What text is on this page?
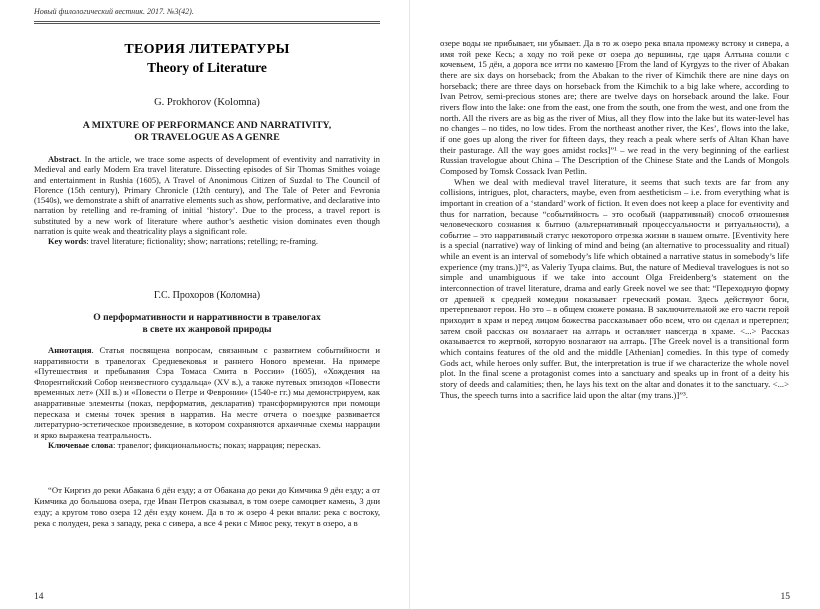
Новый филологический вестник. 2017. №3(42).
ТЕОРИЯ ЛИТЕРАТУРЫ
Theory of Literature
G. Prokhorov (Kolomna)
A MIXTURE OF PERFORMANCE AND NARRATIVITY,
OR TRAVELOGUE AS A GENRE

Abstract. In the article, we trace some aspects of development of eventivity and narrativity in Medieval and early Modern Era travel literature. Dissecting episodes of Sir Thomas Smithes voiage and entertainment in Rushia (1605), A Travel of Anonimous Citizen of Suzdal to The Council of Florence (15th century), Primary Chronicle (12th century), and The Tale of Peter and Fevronia (1540s), we demonstrate a shift of anarrative elements such as show, performative, and declarative into narration by retelling and re-framing of initial ‘history’. Due to the process, a travel report is substituted by a new work of literature where author’s aesthetic vision dominates even though narration is quite weak and theatricality plays a significant role.

Key words: travel literature; fictionality; show; narrations; retelling; re-framing.

Г.С. Прохоров (Коломна)
О перформативности и нарративности в травелогах
в свете их жанровой природы

Аннотация. Статья посвящена вопросам, связанным с развитием событийности и нарративности в травелогах Средневековья и раннего Нового времени. На примере «Путешествия и пребывания Сэра Томаса Смита в России» (1605), «Хождения на Флорентийский Собор неизвестного суздальца» (XV в.), а также путевых эпизодов «Повести временных лет» (XII в.) и «Повести о Петре и Февронии» (1540-е гг.) мы демонстрируем, как анарративные элементы (показ, перформатив, декларатив) трансформируются при помощи пересказа и смены точек зрения в нарратив. На месте отчета о поездке развивается литературно-эстетическое произведение, в котором сохраняются архаичные схемы наррации и ярко выражена театральность.

Ключевые слова: травелог; фикциональность; показ; наррация; пересказ.

“От Киргиз до реки Абакана 6 дён езду; а от Обакана до реки до Кимчика 9 дён езду; а от Кимчика до большова озера, где Иван Петров сказывал, в том озере самоцвет камень, 3 дни езду; а кругом тово озера 12 дён езду конем. Да в то ж озеро 4 реки впали: река с востоку, река с полуден, река з западу, река с сивера, а все 4 реки с Миюс реку, текут в озеро, а в

14

озере воды не прибывает, ни убывает. Да в то ж озеро река впала промежу встоку и сивера, а имя той реке Кесь; а ходу по той реке от озера до вершины, где царя Алтына сошли с кочевьем, 15 дён, а дорога все итти по каменю [From the land of Kyrgyzs to the river of Abakan there are six days on horseback; from the Abakan to the river of Kimchik there are nine days on horseback; there are three days on horseback from the Kimchik to a big lake where, according to Ivan Petrov, semi-precious stones are; there are twelve days on horseback around the lake. Four rivers flow into the lake: one from the east, one from the south, one from the west, and one from the north. All the rivers are as big as the river of Mius, all they flow into the lake but its water-level has no changes – no tides, no low tides. From the northeast another river, the Kes’, flows into the lake, if one goes up along the river for fifteen days, they reach a peak where serfs of Altan Khan have their pasturage. All the way goes amidst rocks]”¹ – we read in the very beginning of the earliest Russian travelogue about China – The Description of the Chinese State and the Lands of Mongols Composed by Tomsk Cossack Ivan Petlin.

When we deal with medieval travel literature, it seems that such texts are far from any collisions, intrigues, plot, characters, maybe, even from aestheticism – i.e. from everything what is important in creation of a ‘standard’ work of fiction. It even does not keep a place for eventivity and thus for narration, because “событийность – это особый (нарративный) способ отношения человеческого сознания к бытию (альтернативный процессуальности и ритуальности), а событие – это нарративный статус некоторого отрезка жизни в нашем опыте. [Eventivity here is a special (narrative) way of linking of mind and being (an alternative to processuality and ritual) while an event is an interval of somebody’s life which obtained a narrative status in somebody’s life experience (my trans.)]”², as Valeriy Tyupa claims. But, the nature of Medieval travelogues is not so simple and unambiguous if we take into account Olga Freidenberg’s statement on the interconnection of travel literature, drama and early Greek novel we see that: “Переходную форму от древней к средней комедии показывает греческий роман. Здесь действуют боги, претерпевают герои. Но это – в общем сюжете романа. В заключительной же его части герой приходит в храм и перед лицом божества рассказывает обо всем, что он сделал и претерпел; затем свой рассказ он возлагает на алтарь и оставляет навсегда в храме. <...> Рассказ оказывается то жертвой, которую возлагают на алтарь. [The Greek novel is a transitional form which contains features of the old and the middle [Athenian] comedies. In this type of comedy Gods act, while heroes only suffer. But, the interpretation is true if we characterize the whole novel plot. In the final scene a protagonist comes into a sanctuary and speaks up in front of a deity his story of deeds and calamities; then, he lays his text on the altar and donates it to the sanctuary. <...> Thus, the speech turns into a sacrifice laid upon the altar (my trans.)]”³.

15
